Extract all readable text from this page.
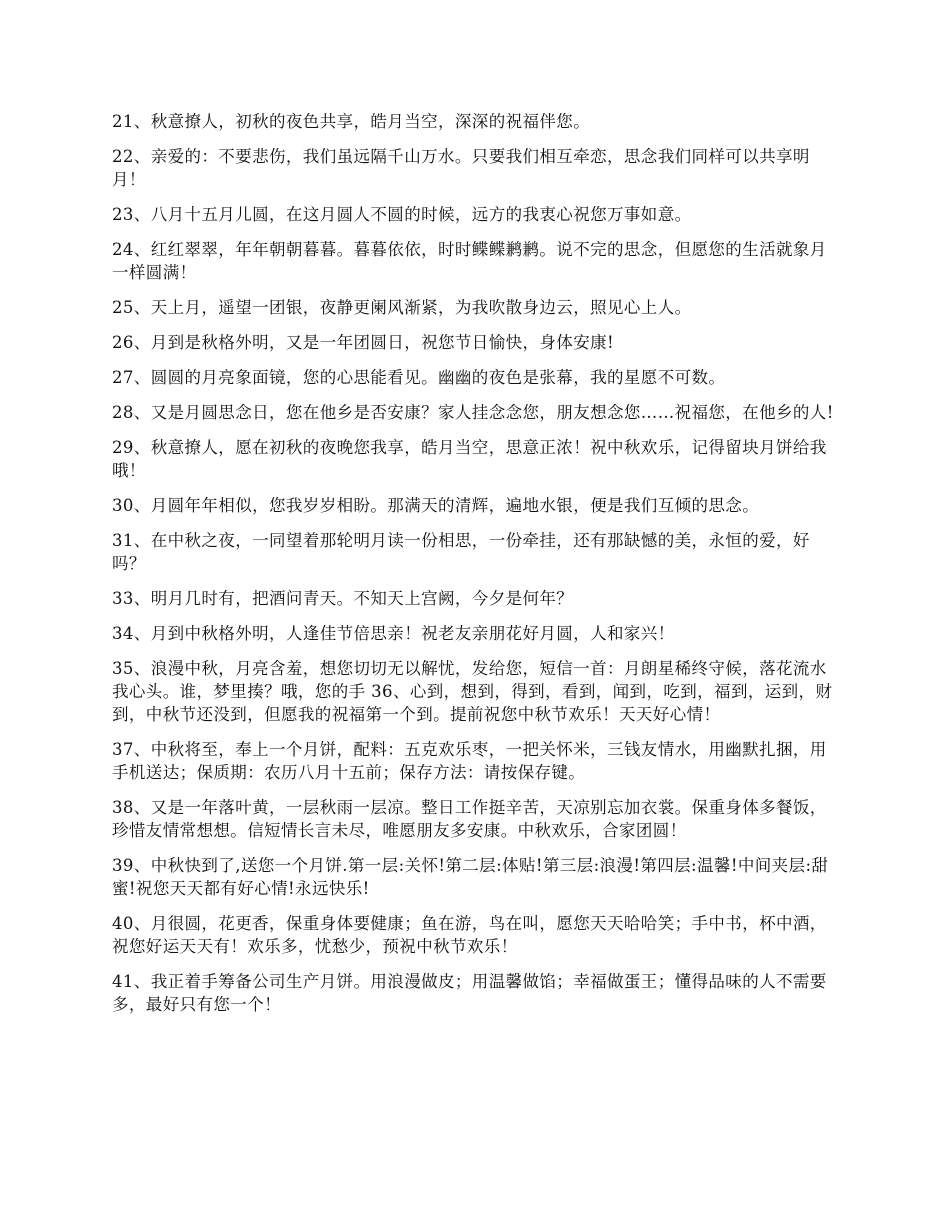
21、秋意撩人，初秋的夜色共享，皓月当空，深深的祝福伴您。

22、亲爱的：不要悲伤，我们虽远隔千山万水。只要我们相互牵恋，思念我们同样可以共享明月！

23、八月十五月儿圆，在这月圆人不圆的时候，远方的我衷心祝您万事如意。

24、红红翠翠，年年朝朝暮暮。暮暮依依，时时鲽鲽鹣鹣。说不完的思念，但愿您的生活就象月一样圆满！

25、天上月，遥望一团银，夜静更阑风渐紧，为我吹散身边云，照见心上人。

26、月到是秋格外明，又是一年团圆日，祝您节日愉快，身体安康!

27、圆圆的月亮象面镜，您的心思能看见。幽幽的夜色是张幕，我的星愿不可数。

28、又是月圆思念日，您在他乡是否安康？家人挂念念您，朋友想念您……祝福您，在他乡的人!

29、秋意撩人，愿在初秋的夜晚您我享，皓月当空，思意正浓！祝中秋欢乐，记得留块月饼给我哦！

30、月圆年年相似，您我岁岁相盼。那满天的清辉，遍地水银，便是我们互倾的思念。

31、在中秋之夜，一同望着那轮明月读一份相思，一份牵挂，还有那缺憾的美，永恒的爱，好吗？

33、明月几时有，把酒问青天。不知天上宫阙，今夕是何年？

34、月到中秋格外明，人逢佳节倍思亲！祝老友亲朋花好月圆，人和家兴！

35、浪漫中秋，月亮含羞，想您切切无以解忧，发给您，短信一首：月朗星稀终守候，落花流水我心头。谁，梦里揍？哦，您的手 36、心到，想到，得到，看到，闻到，吃到，福到，运到，财到，中秋节还没到，但愿我的祝福第一个到。提前祝您中秋节欢乐！天天好心情！

37、中秋将至，奉上一个月饼，配料：五克欢乐枣，一把关怀米，三钱友情水，用幽默扎捆，用手机送达；保质期：农历八月十五前；保存方法：请按保存键。

38、又是一年落叶黄，一层秋雨一层凉。整日工作挺辛苦，天凉别忘加衣裳。保重身体多餐饭，珍惜友情常想想。信短情长言未尽，唯愿朋友多安康。中秋欢乐，合家团圆！

39、中秋快到了,送您一个月饼.第一层:关怀!第二层:体贴!第三层:浪漫!第四层:温馨!中间夹层:甜蜜!祝您天天都有好心情!永远快乐!

40、月很圆，花更香，保重身体要健康；鱼在游，鸟在叫，愿您天天哈哈笑；手中书，杯中酒，祝您好运天天有！欢乐多，忧愁少，预祝中秋节欢乐！

41、我正着手筹备公司生产月饼。用浪漫做皮；用温馨做馅；幸福做蛋王；懂得品味的人不需要多，最好只有您一个！
